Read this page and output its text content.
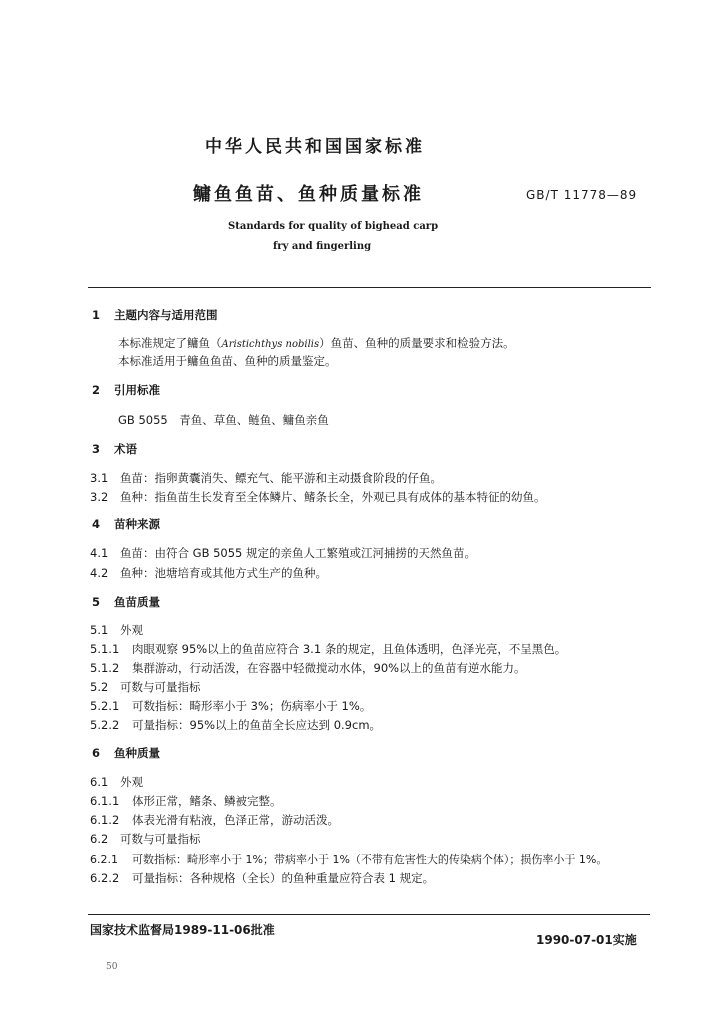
中华人民共和国国家标准
鳙鱼鱼苗、鱼种质量标准	GB/T 11778—89
Standards for quality of bighead carp
fry and fingerling
1 主题内容与适用范围
本标准规定了鳙鱼（Aristichthys nobilis）鱼苗、鱼种的质量要求和检验方法。
本标准适用于鳙鱼鱼苗、鱼种的质量鉴定。
2 引用标准
GB 5055　青鱼、草鱼、鲢鱼、鳙鱼亲鱼
3 术语
3.1 鱼苗：指卵黄囊消失、鳔充气、能平游和主动摄食阶段的仔鱼。
3.2 鱼种：指鱼苗生长发育至全体鳞片、鳍条长全，外观已具有成体的基本特征的幼鱼。
4 苗种来源
4.1 鱼苗：由符合 GB 5055 规定的亲鱼人工繁殖或江河捕捞的天然鱼苗。
4.2 鱼种：池塘培育或其他方式生产的鱼种。
5 鱼苗质量
5.1 外观
5.1.1 肉眼观察 95%以上的鱼苗应符合 3.1 条的规定，且鱼体透明，色泽光亮，不呈黑色。
5.1.2 集群游动，行动活泼，在容器中轻微搅动水体，90%以上的鱼苗有逆水能力。
5.2 可数与可量指标
5.2.1 可数指标：畸形率小于 3%；伤病率小于 1%。
5.2.2 可量指标：95%以上的鱼苗全长应达到 0.9cm。
6 鱼种质量
6.1 外观
6.1.1 体形正常，鳍条、鳞被完整。
6.1.2 体表光滑有粘液，色泽正常，游动活泼。
6.2 可数与可量指标
6.2.1 可数指标：畸形率小于 1%；带病率小于 1%（不带有危害性大的传染病个体）；损伤率小于 1%。
6.2.2 可量指标：各种规格（全长）的鱼种重量应符合表 1 规定。
国家技术监督局1989-11-06批准
1990-07-01实施
50
